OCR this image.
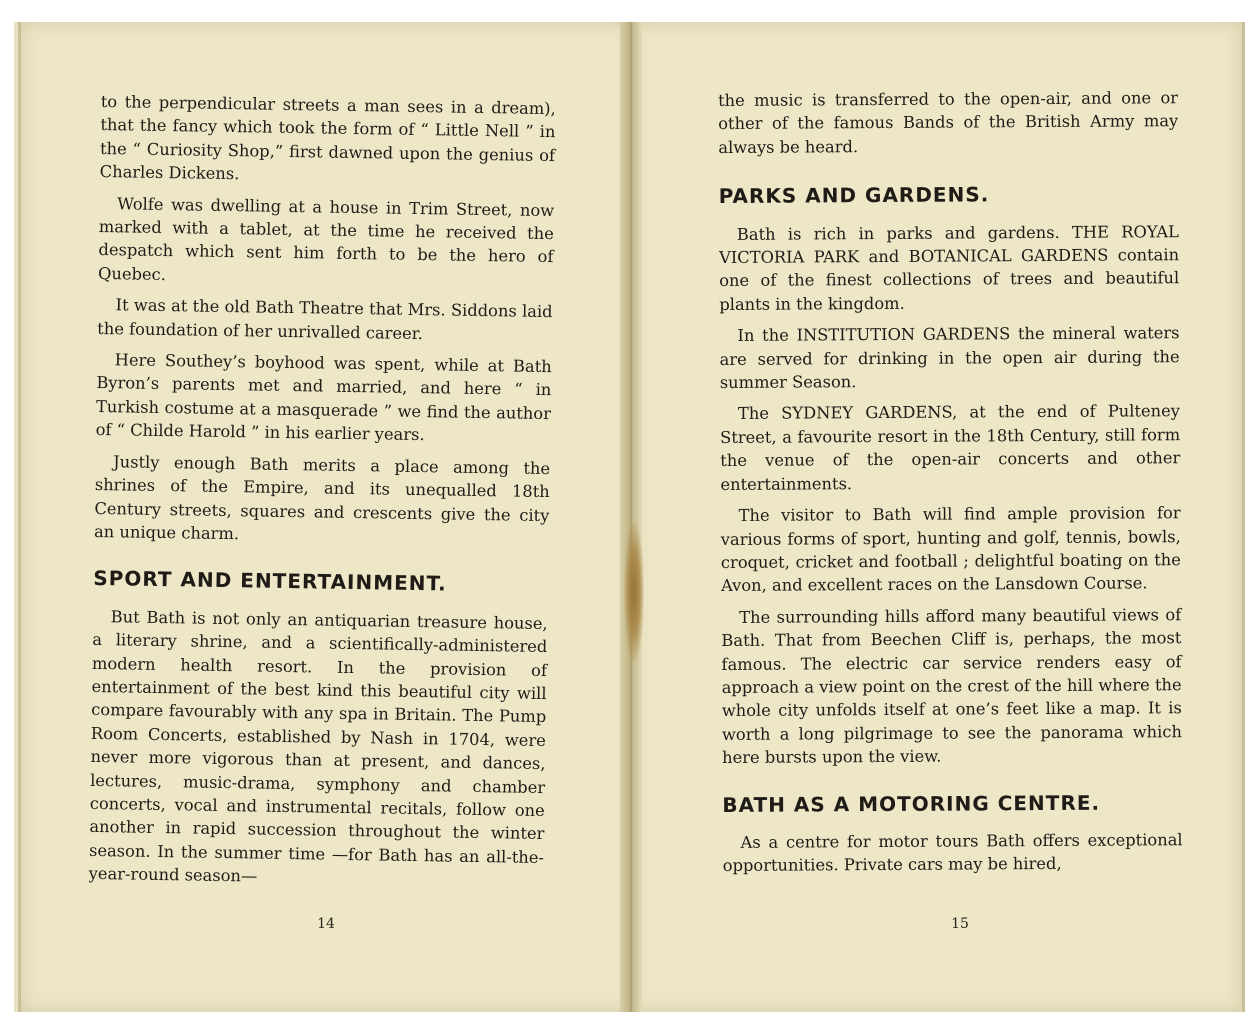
to the perpendicular streets a man sees in a dream), that the fancy which took the form of “ Little Nell ” in the “ Curiosity Shop,” first dawned upon the genius of Charles Dickens.

Wolfe was dwelling at a house in Trim Street, now marked with a tablet, at the time he received the despatch which sent him forth to be the hero of Quebec.

It was at the old Bath Theatre that Mrs. Siddons laid the foundation of her unrivalled career.

Here Southey’s boyhood was spent, while at Bath Byron’s parents met and married, and here “ in Turkish costume at a masquerade ” we find the author of “ Childe Harold ” in his earlier years.

Justly enough Bath merits a place among the shrines of the Empire, and its unequalled 18th Century streets, squares and crescents give the city an unique charm.

SPORT AND ENTERTAINMENT.

But Bath is not only an antiquarian treasure house, a literary shrine, and a scientifically-administered modern health resort. In the provision of entertainment of the best kind this beautiful city will compare favourably with any spa in Britain. The Pump Room Concerts, established by Nash in 1704, were never more vigorous than at present, and dances, lectures, music-drama, symphony and chamber concerts, vocal and instrumental recitals, follow one another in rapid succession throughout the winter season. In the summer time —for Bath has an all-the-year-round season—

14

the music is transferred to the open-air, and one or other of the famous Bands of the British Army may always be heard.

PARKS AND GARDENS.

Bath is rich in parks and gardens. THE ROYAL VICTORIA PARK and BOTANICAL GARDENS contain one of the finest collections of trees and beautiful plants in the kingdom.

In the INSTITUTION GARDENS the mineral waters are served for drinking in the open air during the summer Season.

The SYDNEY GARDENS, at the end of Pulteney Street, a favourite resort in the 18th Century, still form the venue of the open-air concerts and other entertainments.

The visitor to Bath will find ample provision for various forms of sport, hunting and golf, tennis, bowls, croquet, cricket and football ; delightful boating on the Avon, and excellent races on the Lansdown Course.

The surrounding hills afford many beautiful views of Bath. That from Beechen Cliff is, perhaps, the most famous. The electric car service renders easy of approach a view point on the crest of the hill where the whole city unfolds itself at one’s feet like a map. It is worth a long pilgrimage to see the panorama which here bursts upon the view.

BATH AS A MOTORING CENTRE.

As a centre for motor tours Bath offers exceptional opportunities. Private cars may be hired,

15
